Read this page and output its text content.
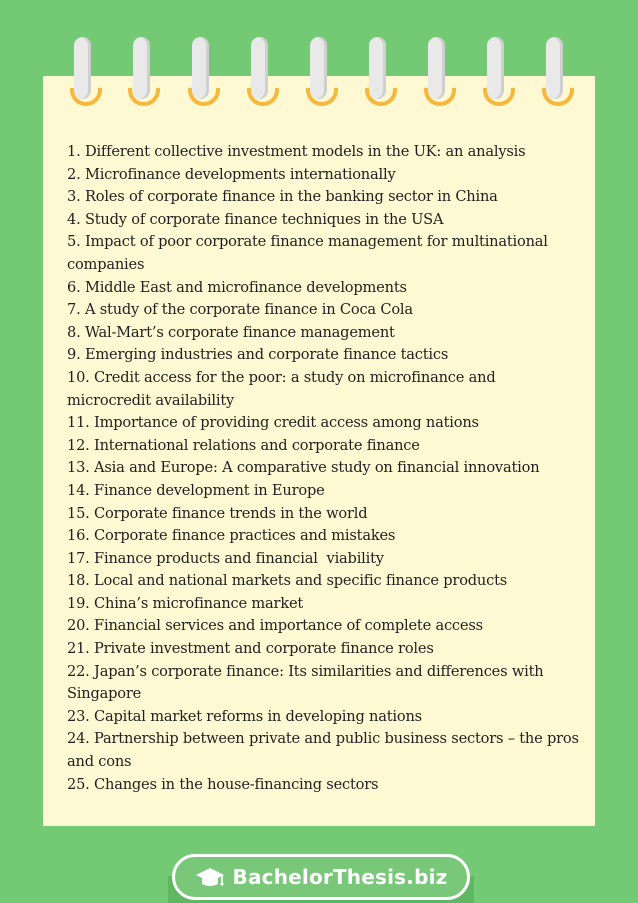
1. Different collective investment models in the UK: an analysis
2. Microfinance developments internationally
3. Roles of corporate finance in the banking sector in China
4. Study of corporate finance techniques in the USA
5. Impact of poor corporate finance management for multinational companies
6. Middle East and microfinance developments
7. A study of the corporate finance in Coca Cola
8. Wal-Mart’s corporate finance management
9. Emerging industries and corporate finance tactics
10. Credit access for the poor: a study on microfinance and microcredit availability
11. Importance of providing credit access among nations
12. International relations and corporate finance
13. Asia and Europe: A comparative study on financial innovation
14. Finance development in Europe
15. Corporate finance trends in the world
16. Corporate finance practices and mistakes
17. Finance products and financial  viability
18. Local and national markets and specific finance products
19. China’s microfinance market
20. Financial services and importance of complete access
21. Private investment and corporate finance roles
22. Japan’s corporate finance: Its similarities and differences with Singapore
23. Capital market reforms in developing nations
24. Partnership between private and public business sectors – the pros and cons
25. Changes in the house-financing sectors
BachelorThesis.biz
